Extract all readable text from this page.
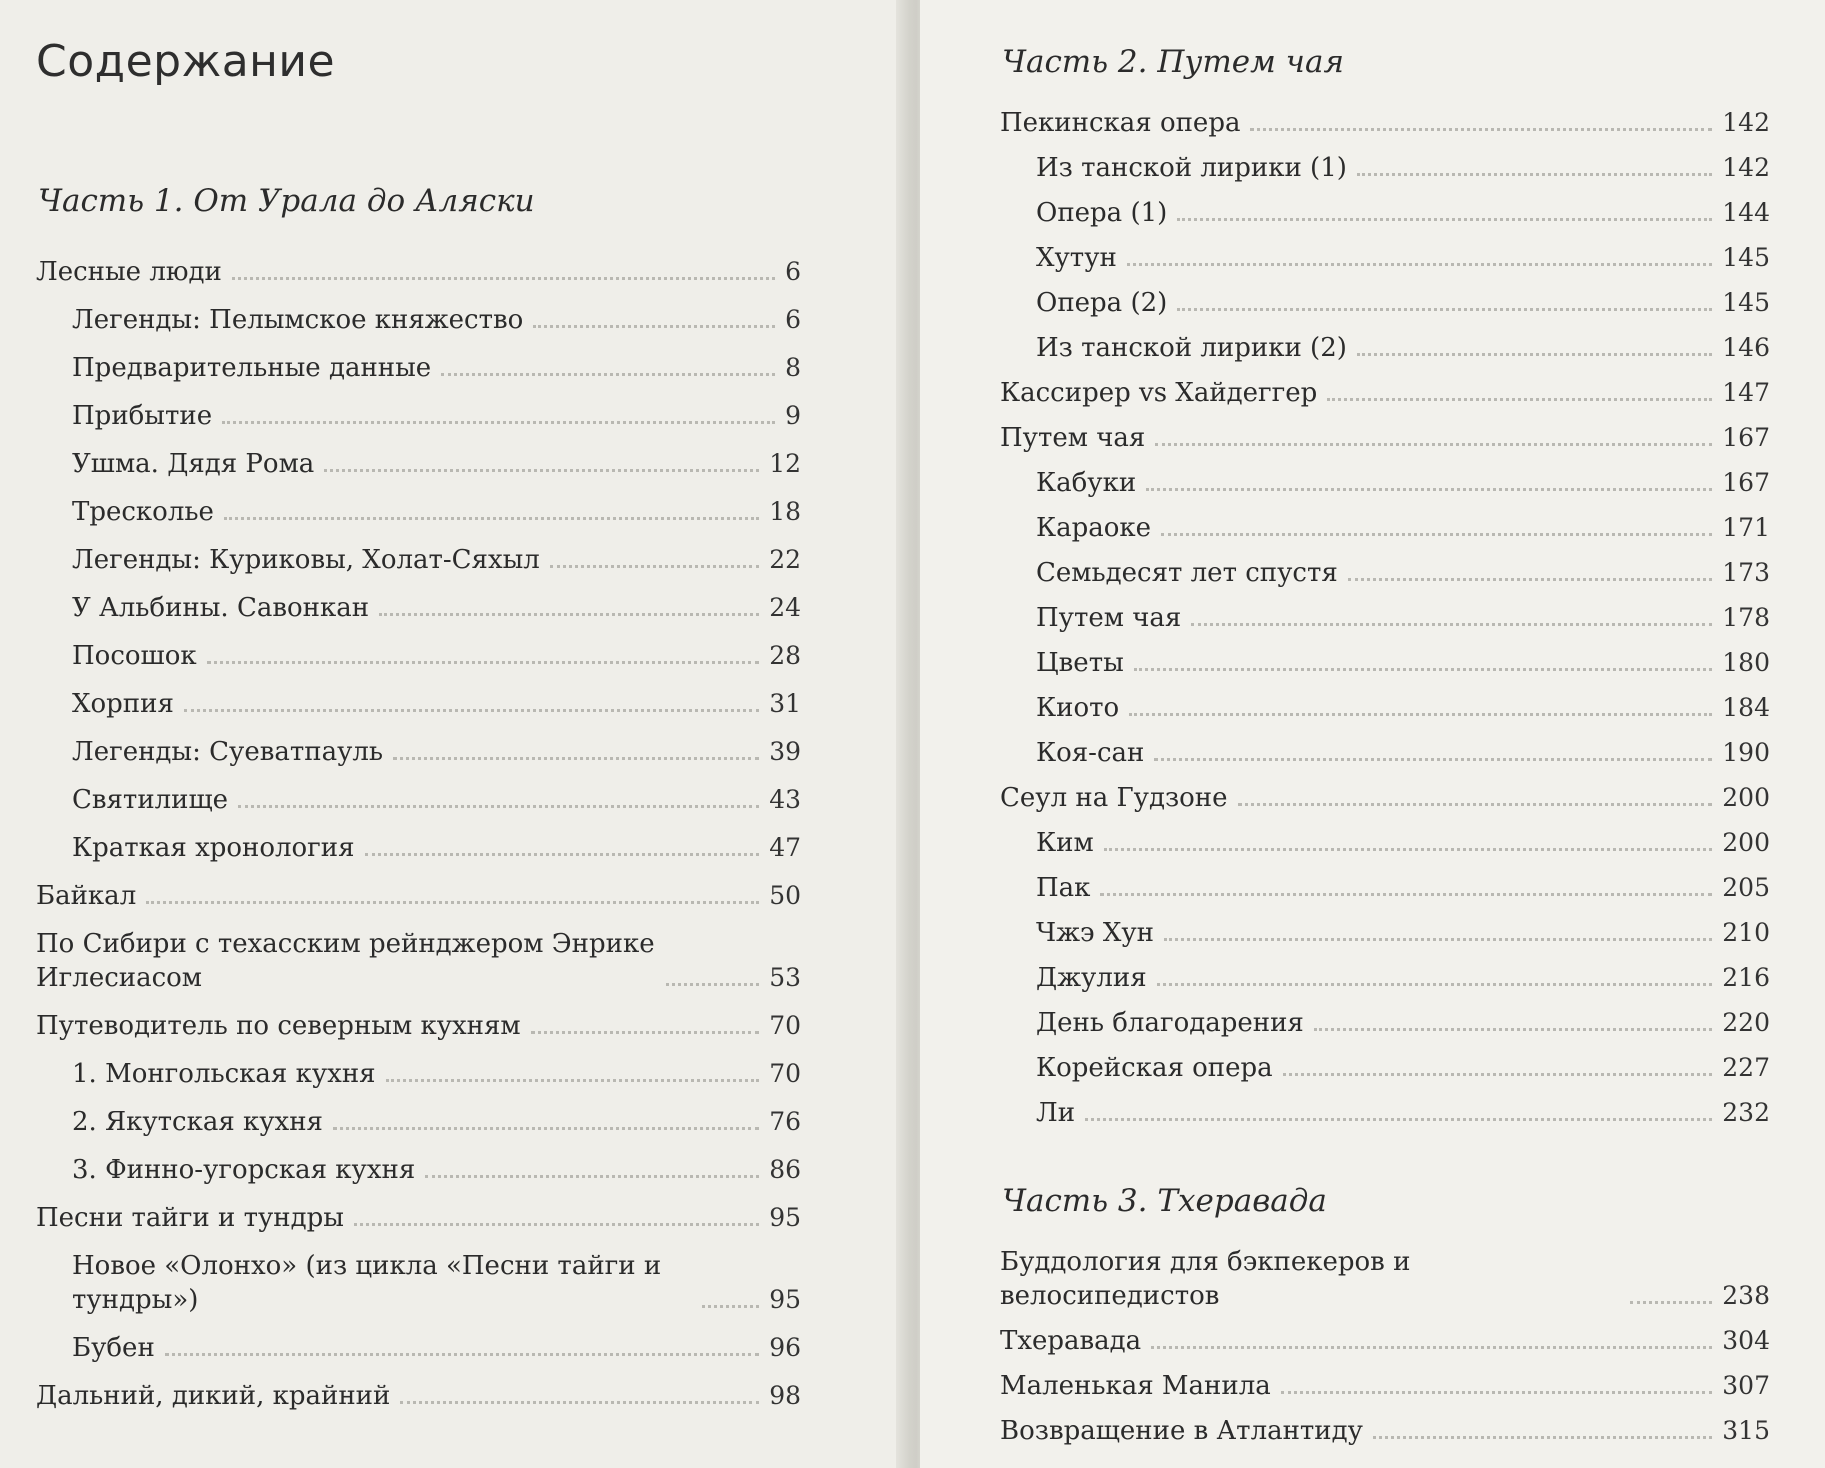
Содержание
Часть 1. От Урала до Аляски
Лесные люди	6
Легенды: Пелымское княжество	6
Предварительные данные	8
Прибытие	9
Ушма. Дядя Рома	12
Трескольe	18
Легенды: Куриковы, Холат-Сяхыл	22
У Альбины. Савонкан	24
Посошок	28
Хорпия	31
Легенды: Суеватпауль	39
Святилище	43
Краткая хронология	47
Байкал	50
По Сибири с техасским рейнджером Энрике Иглесиасом	53
Путеводитель по северным кухням	70
1. Монгольская кухня	70
2. Якутская кухня	76
3. Финно-угорская кухня	86
Песни тайги и тундры	95
Новое «Олонхо» (из цикла «Песни тайги и тундры»)	95
Бубен	96
Дальний, дикий, крайний	98
Часть 2. Путем чая
Пекинская опера	142
Из танской лирики (1)	142
Опера (1)	144
Хутун	145
Опера (2)	145
Из танской лирики (2)	146
Кассирер vs Хайдеггер	147
Путем чая	167
Кабуки	167
Караоке	171
Семьдесят лет спустя	173
Путем чая	178
Цветы	180
Киото	184
Коя-сан	190
Сеул на Гудзоне	200
Ким	200
Пак	205
Чжэ Хун	210
Джулия	216
День благодарения	220
Корейская опера	227
Ли	232
Часть 3. Тхеравада
Буддология для бэкпекеров и велосипедистов	238
Тхеравада	304
Маленькая Манила	307
Возвращение в Атлантиду	315
